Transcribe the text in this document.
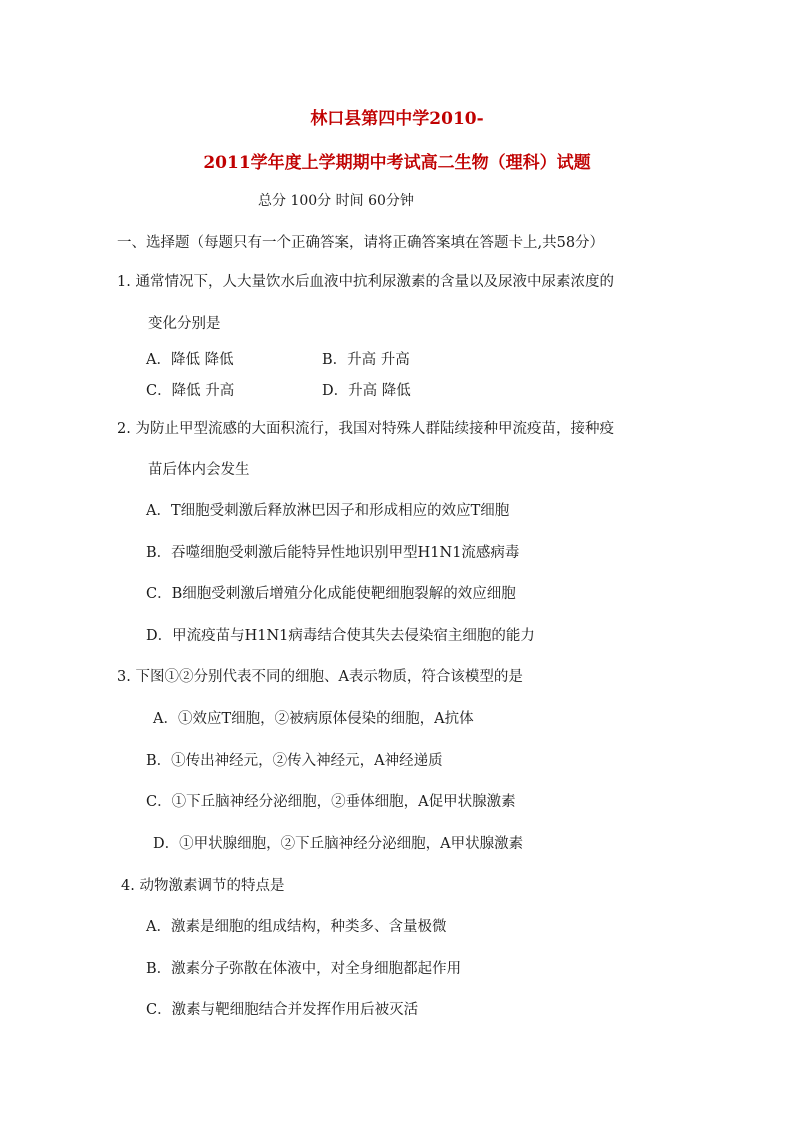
林口县第四中学2010-
2011学年度上学期期中考试高二生物（理科）试题
总分 100分 时间 60分钟
一、选择题（每题只有一个正确答案，请将正确答案填在答题卡上,共58分）
1. 通常情况下，人大量饮水后血液中抗利尿激素的含量以及尿液中尿素浓度的
变化分别是
A．降低 降低	B．升高 升高
C．降低 升高	D．升高 降低
2. 为防止甲型流感的大面积流行，我国对特殊人群陆续接种甲流疫苗，接种疫
苗后体内会发生
A．T细胞受刺激后释放淋巴因子和形成相应的效应T细胞
B．吞噬细胞受刺激后能特异性地识别甲型H1N1流感病毒
C．B细胞受刺激后增殖分化成能使靶细胞裂解的效应细胞
D．甲流疫苗与H1N1病毒结合使其失去侵染宿主细胞的能力
3. 下图①②分别代表不同的细胞、A表示物质，符合该模型的是
A．①效应T细胞，②被病原体侵染的细胞，A抗体
B．①传出神经元，②传入神经元，A神经递质
C．①下丘脑神经分泌细胞，②垂体细胞，A促甲状腺激素
D．①甲状腺细胞，②下丘脑神经分泌细胞，A甲状腺激素
4. 动物激素调节的特点是
A．激素是细胞的组成结构，种类多、含量极微
B．激素分子弥散在体液中，对全身细胞都起作用
C．激素与靶细胞结合并发挥作用后被灭活
